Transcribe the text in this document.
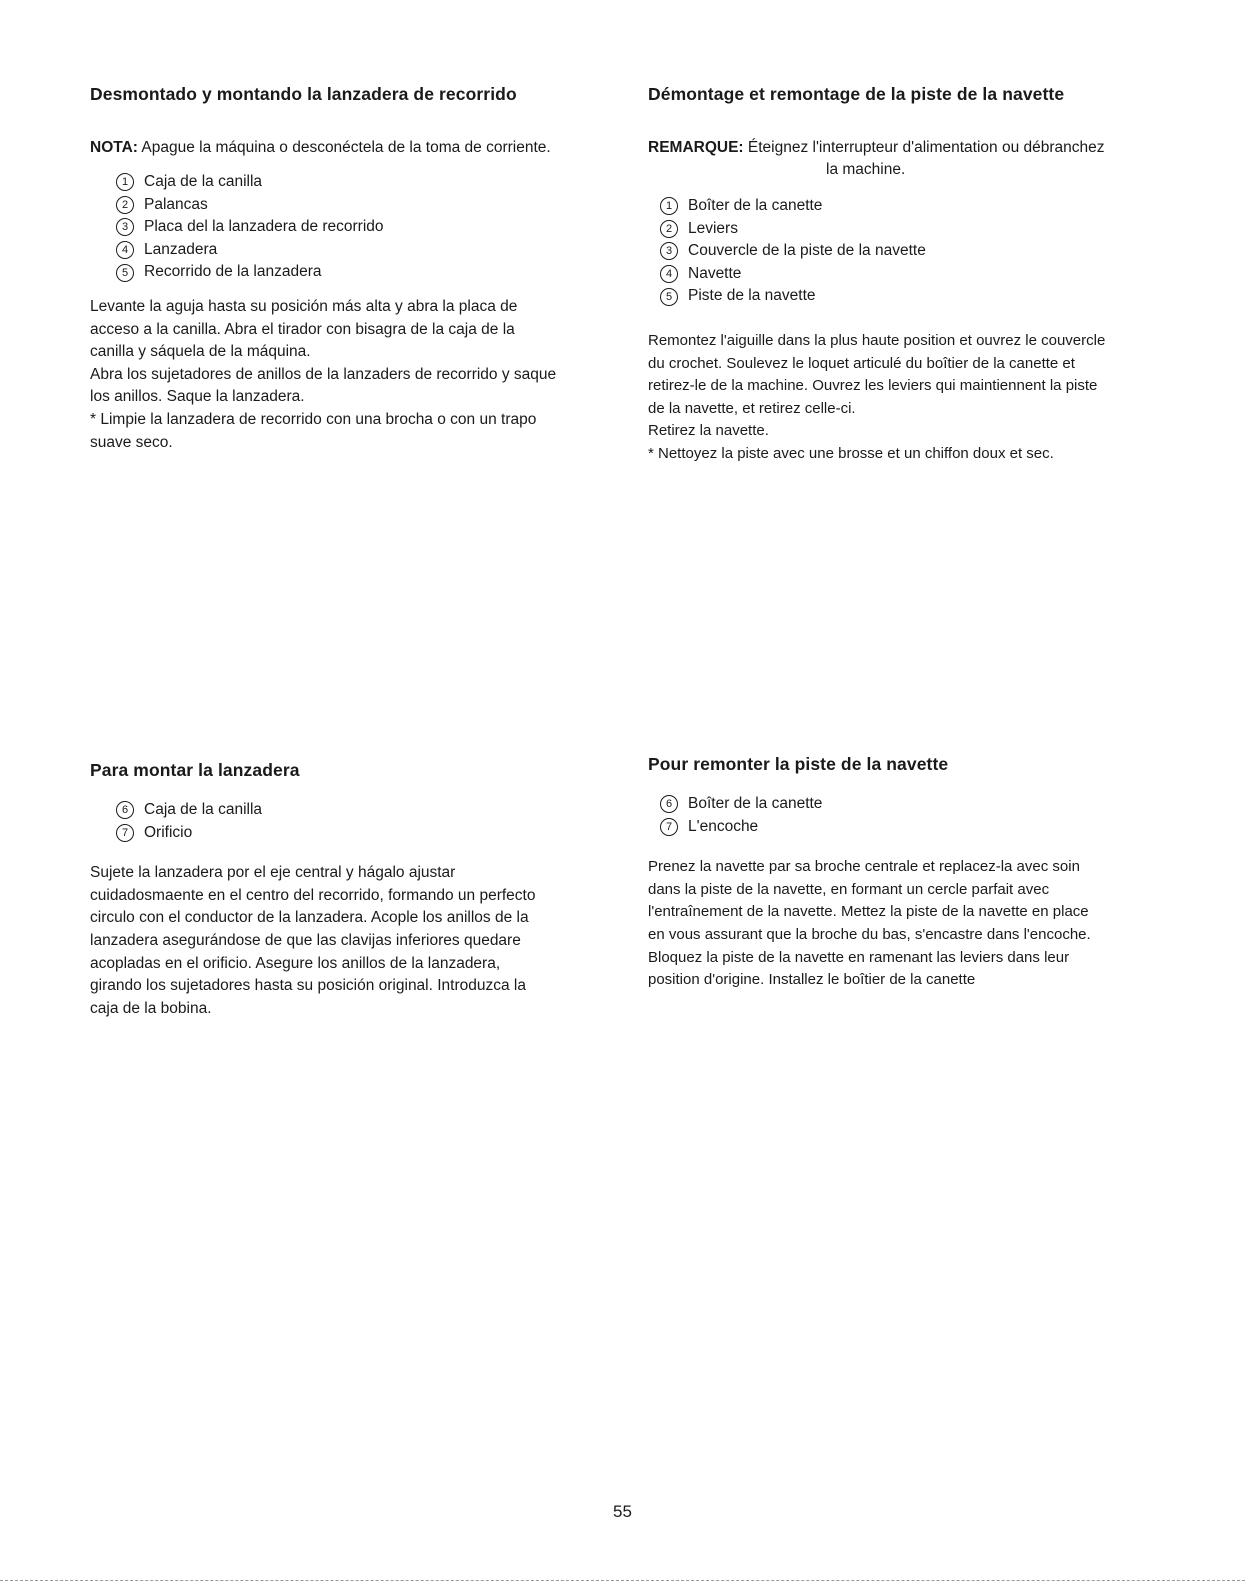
Desmontado y montando la lanzadera de recorrido

NOTA: Apague la máquina o desconéctela de la toma de corriente.

1	Caja de la canilla
2	Palancas
3	Placa del la lanzadera de recorrido
4	Lanzadera
5	Recorrido de la lanzadera

Levante la aguja hasta su posición más alta y abra la placa de
acceso a la canilla. Abra el tirador con bisagra de la caja de la
canilla y sáquela de la máquina.
Abra los sujetadores de anillos de la lanzaders de recorrido y saque
los anillos. Saque la lanzadera.
* Limpie la lanzadera de recorrido con una brocha o con un trapo
suave seco.

Démontage et remontage de la piste de la navette

REMARQUE: Éteignez l'interrupteur d'alimentation ou débranchez
la machine.

1	Boîter de la canette
2	Leviers
3	Couvercle de la piste de la navette
4	Navette
5	Piste de la navette

Remontez l'aiguille dans la plus haute position et ouvrez le couvercle
du crochet. Soulevez le loquet articulé du boîtier de la canette et
retirez-le de la machine. Ouvrez les leviers qui maintiennent la piste
de la navette, et retirez celle-ci.
Retirez la navette.
* Nettoyez la piste avec une brosse et un chiffon doux et sec.

Para montar la lanzadera
6	Caja de la canilla
7	Orificio

Sujete la lanzadera por el eje central y hágalo ajustar
cuidadosmaente en el centro del recorrido, formando un perfecto
circulo con el conductor de la lanzadera. Acople los anillos de la
lanzadera asegurándose de que las clavijas inferiores quedare
acopladas en el orificio. Asegure los anillos de la lanzadera,
girando los sujetadores hasta su posición original. Introduzca la
caja de la bobina.

Pour remonter la piste de la navette
6	Boîter de la canette
7	L'encoche

Prenez la navette par sa broche centrale et replacez-la avec soin
dans la piste de la navette, en formant un cercle parfait avec
l'entraînement de la navette. Mettez la piste de la navette en place
en vous assurant que la broche du bas, s'encastre dans l'encoche.
Bloquez la piste de la navette en ramenant las leviers dans leur
position d'origine. Installez le boîtier de la canette

55
